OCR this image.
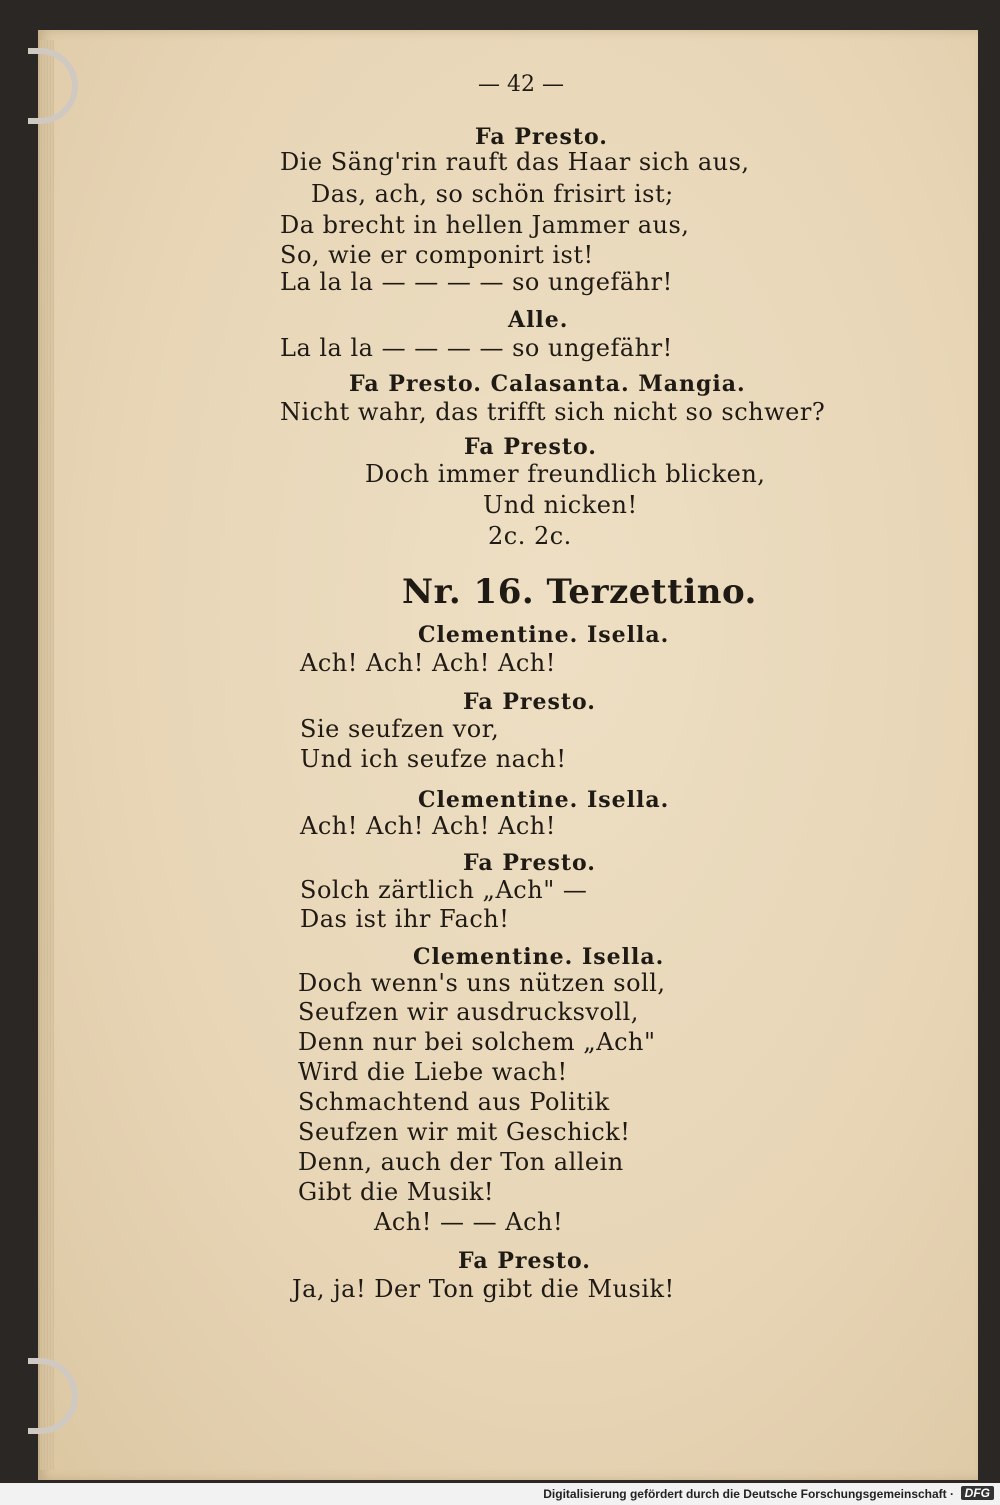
— 42 —
Fa Presto.
Die Säng'rin rauft das Haar sich aus,
Das, ach, so schön frisirt ist;
Da brecht in hellen Jammer aus,
So, wie er componirt ist!
La la la — — — — so ungefähr!
Alle.
La la la — — — — so ungefähr!
Fa Presto. Calasanta. Mangia.
Nicht wahr, das trifft sich nicht so schwer?
Fa Presto.
Doch immer freundlich blicken,
Und nicken!
2c. 2c.
Nr. 16. Terzettino.
Clementine. Isella.
Ach! Ach! Ach! Ach!
Fa Presto.
Sie seufzen vor,
Und ich seufze nach!
Clementine. Isella.
Ach! Ach! Ach! Ach!
Fa Presto.
Solch zärtlich „Ach" —
Das ist ihr Fach!
Clementine. Isella.
Doch wenn's uns nützen soll,
Seufzen wir ausdrucksvoll,
Denn nur bei solchem „Ach"
Wird die Liebe wach!
Schmachtend aus Politik
Seufzen wir mit Geschick!
Denn, auch der Ton allein
Gibt die Musik!
Ach! — — Ach!
Fa Presto.
Ja, ja! Der Ton gibt die Musik!
Digitalisierung gefördert durch die Deutsche Forschungsgemeinschaft · DFG
